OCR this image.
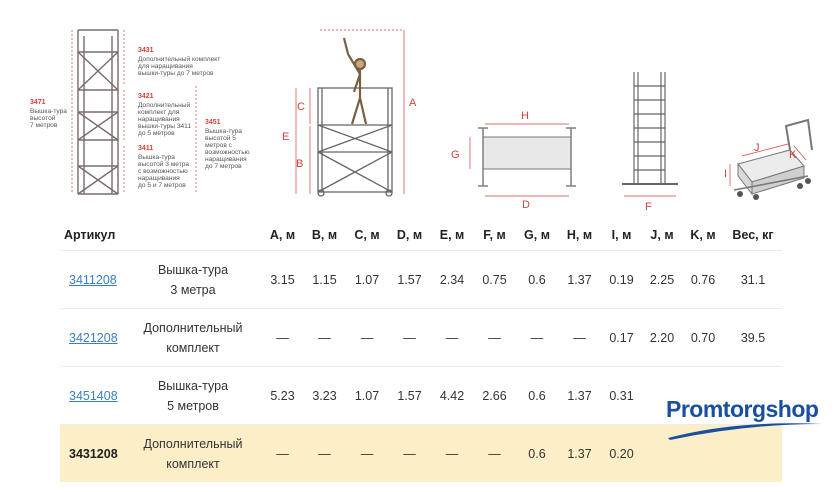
3431
Дополнительный комплект
для наращивания
вышки-туры до 7 метров
3421
Дополнительный
комплект для
наращивания
вышки-туры 3411
до 5 метров
3411
Вышка-тура
высотой 3 метра
с возможностью
наращивания
до 5 и 7 метров
3471
Вышка-тура
высотой
7 метров	3451
Вышка-тура
высотой 5
метров с
возможностью
наращивания
до 7 метров
A
B
C
E
H
G
D	F
J
K
I
Артикул		A, м	B, м	C, м	D, м	E, м	F, м	G, м	H, м	I, м	J, м	K, м	Вес, кг
3411208	Вышка-тура
3 метра	3.15	1.15	1.07	1.57	2.34	0.75	0.6	1.37	0.19	2.25	0.76	31.1
3421208	Дополнительный
комплект	—	—	—	—	—	—	—	—	0.17	2.20	0.70	39.5
3451408	Вышка-тура
5 метров	5.23	3.23	1.07	1.57	4.42	2.66	0.6	1.37	0.31			
3431208	Дополнительный
комплект	—	—	—	—	—	—	0.6	1.37	0.20			
Promtorgshop
